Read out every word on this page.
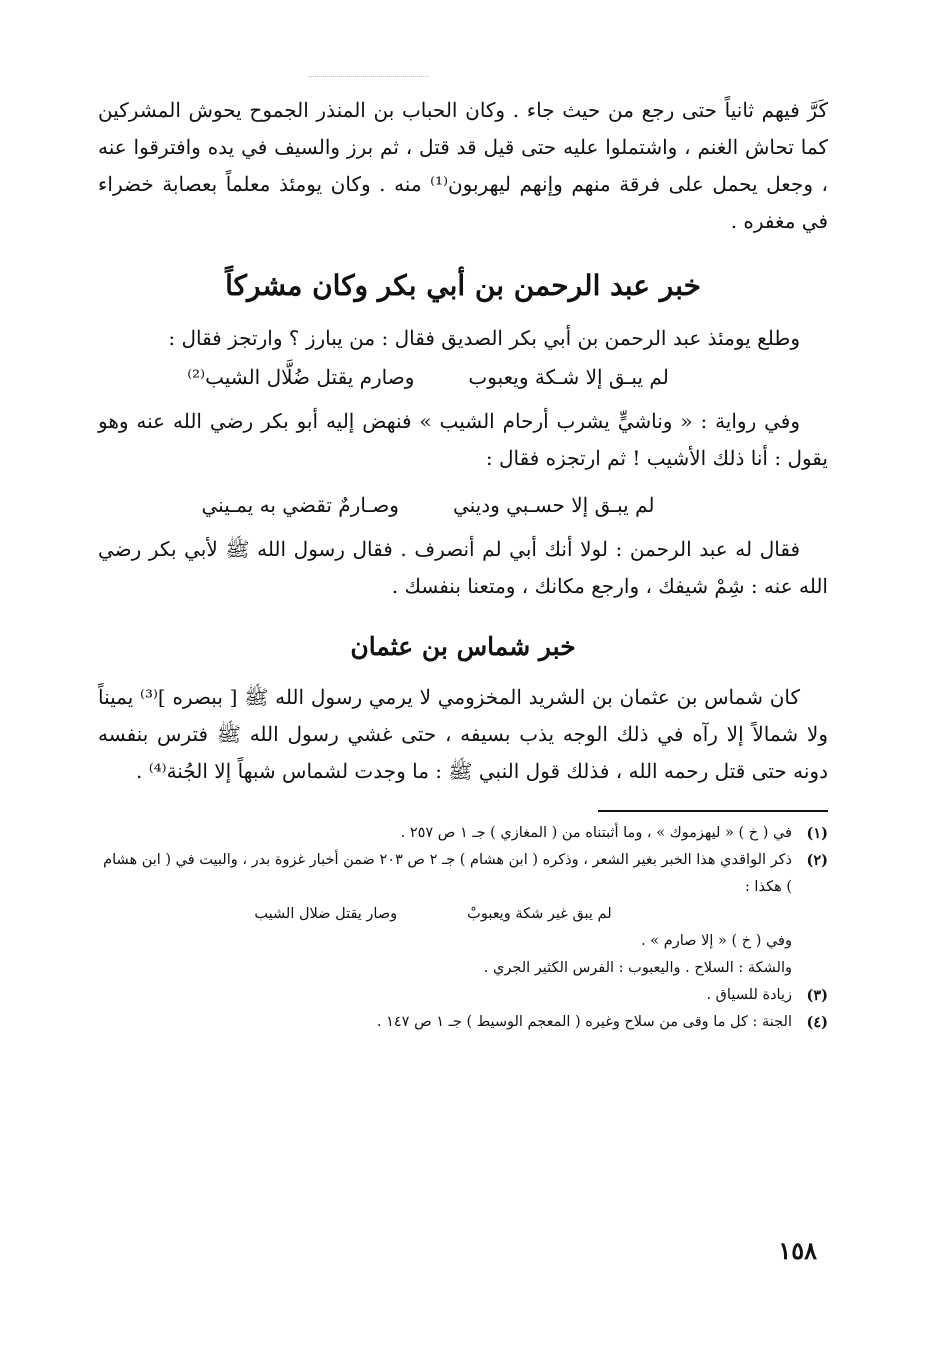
كَرَّ فيهم ثانياً حتى رجع من حيث جاء . وكان الحباب بن المنذر الجموح يحوش المشركين كما تحاش الغنم ، واشتملوا عليه حتى قيل قد قتل ، ثم برز والسيف في يده وافترقوا عنه ، وجعل يحمل على فرقة منهم وإنهم ليهربون⁽¹⁾ منه . وكان يومئذ معلماً بعصابة خضراء في مغفره .

خبر عبد الرحمن بن أبي بكر وكان مشركاً

وطلع يومئذ عبد الرحمن بن أبي بكر الصديق فقال : من يبارز ؟ وارتجز فقال :

لم يبـق إلا شـكة ويعبوب
وصارم يقتل ضُلَّال الشيب⁽²⁾

وفي رواية : « وناشيٍّ يشرب أرحام الشيب » فنهض إليه أبو بكر رضي الله عنه وهو يقول : أنا ذلك الأشيب ! ثم ارتجزه فقال :

لم يبـق إلا حسـبي وديني
وصـارمٌ تقضي به يمـيني

فقال له عبد الرحمن : لولا أنك أبي لم أنصرف . فقال رسول الله ﷺ لأبي بكر رضي الله عنه : شِمْ شيفك ، وارجع مكانك ، ومتعنا بنفسك .

خبر شماس بن عثمان

كان شماس بن عثمان بن الشريد المخزومي لا يرمي رسول الله ﷺ [ ببصره ]⁽³⁾ يميناً ولا شمالاً إلا رآه في ذلك الوجه يذب بسيفه ، حتى غشي رسول الله ﷺ فترس بنفسه دونه حتى قتل رحمه الله ، فذلك قول النبي ﷺ : ما وجدت لشماس شبهاً إلا الجُنة⁽⁴⁾ .

(١)
في ( خ ) « ليهزموك » ، وما أثبتناه من ( المغازي ) جـ ١ ص ٢٥٧ .
(٢)
ذكر الواقدي هذا الخبر بغير الشعر ، وذكره ( ابن هشام ) جـ ٢ ص ٢٠٣ ضمن أخبار غزوة بدر ، والبيت في ( ابن هشام ) هكذا :
لم يبق غير شكة ويعبوبْ
وصار يقتل ضلال الشيب
وفي ( خ ) « إلا صارم » .
والشكة : السلاح . واليعبوب : الفرس الكثير الجري .
(٣)
زيادة للسياق .
(٤)
الجنة : كل ما وقى من سلاح وغيره ( المعجم الوسيط ) جـ ١ ص ١٤٧ .
١٥٨
